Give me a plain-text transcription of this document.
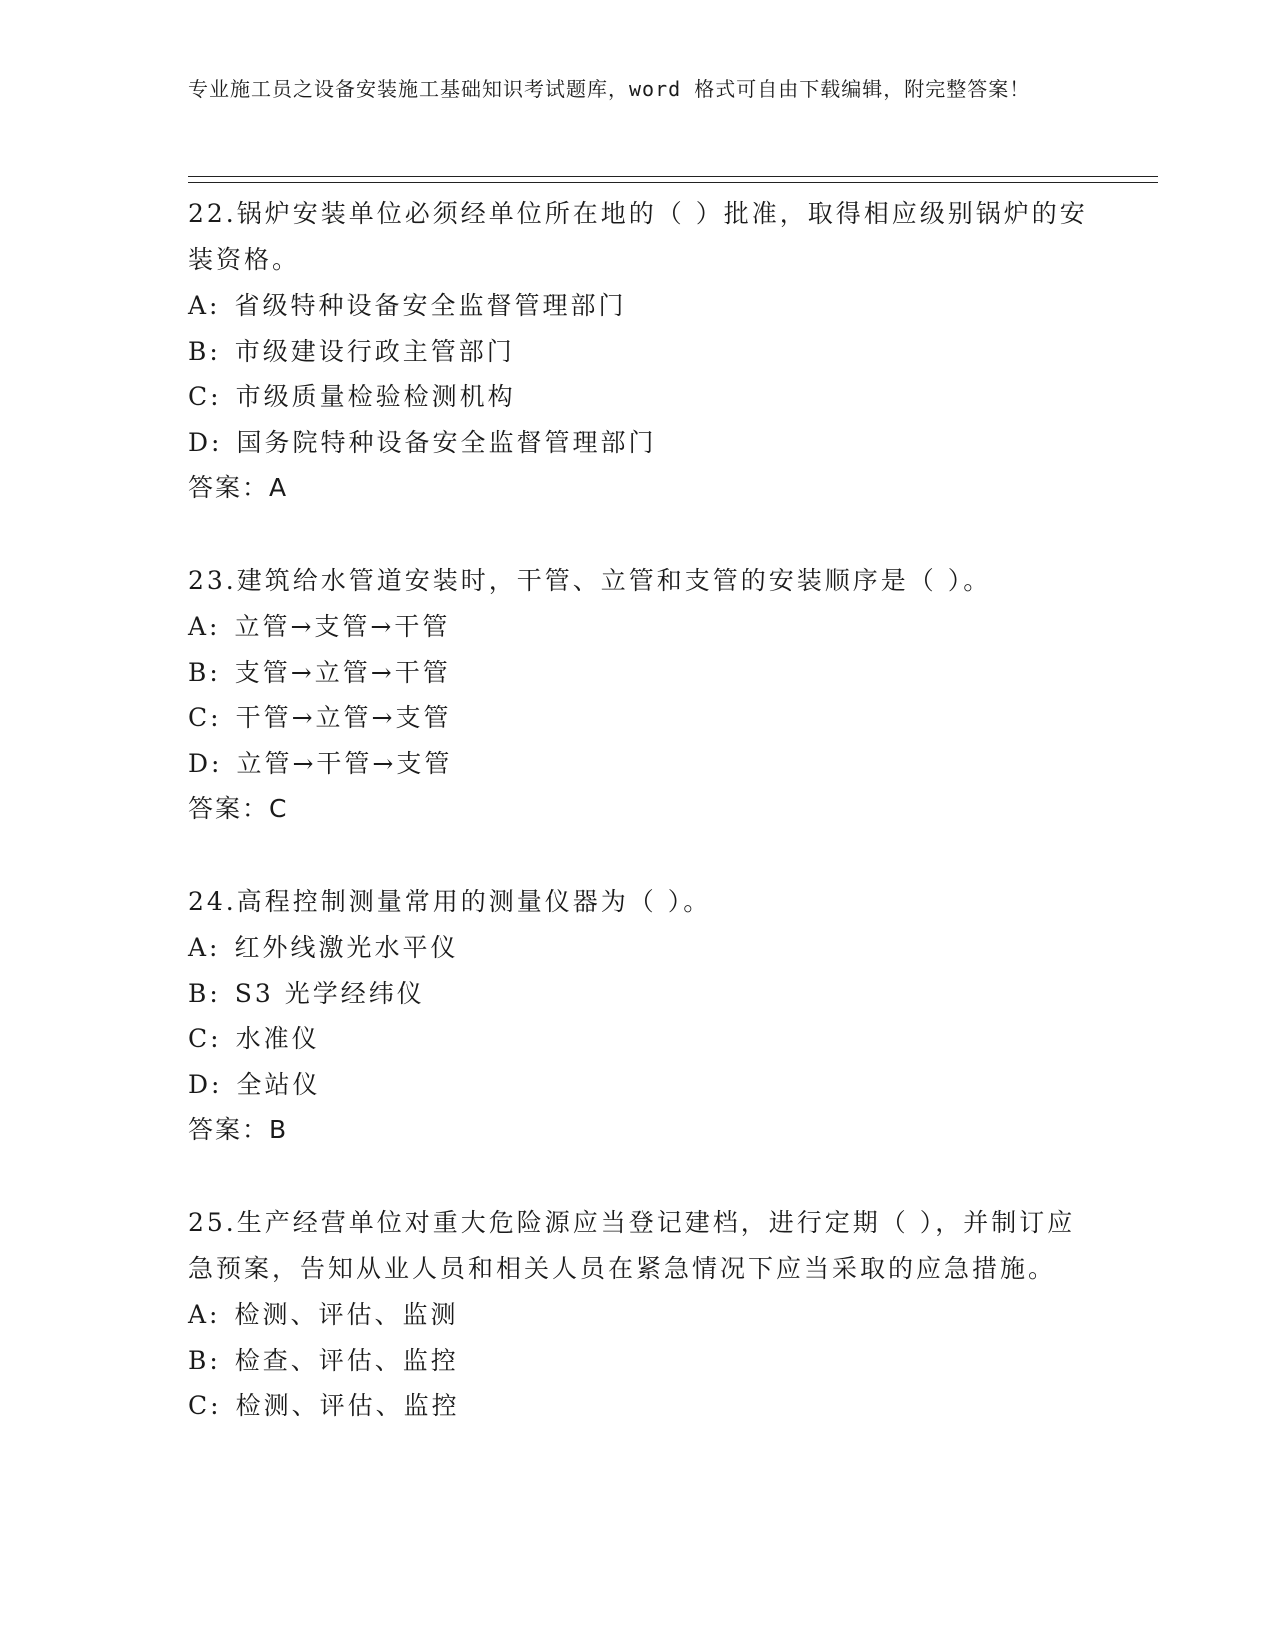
专业施工员之设备安装施工基础知识考试题库，word 格式可自由下载编辑，附完整答案！

22.锅炉安装单位必须经单位所在地的（ ）批准，取得相应级别锅炉的安装资格。

A: 省级特种设备安全监督管理部门

B: 市级建设行政主管部门

C: 市级质量检验检测机构

D: 国务院特种设备安全监督管理部门

答案：A

23.建筑给水管道安装时，干管、立管和支管的安装顺序是（ ）。

A: 立管→支管→干管

B: 支管→立管→干管

C: 干管→立管→支管

D: 立管→干管→支管

答案：C

24.高程控制测量常用的测量仪器为（ ）。

A: 红外线激光水平仪

B: S3 光学经纬仪

C: 水准仪

D: 全站仪

答案：B

25.生产经营单位对重大危险源应当登记建档，进行定期（ ），并制订应急预案，告知从业人员和相关人员在紧急情况下应当采取的应急措施。

A: 检测、评估、监测

B: 检查、评估、监控

C: 检测、评估、监控
